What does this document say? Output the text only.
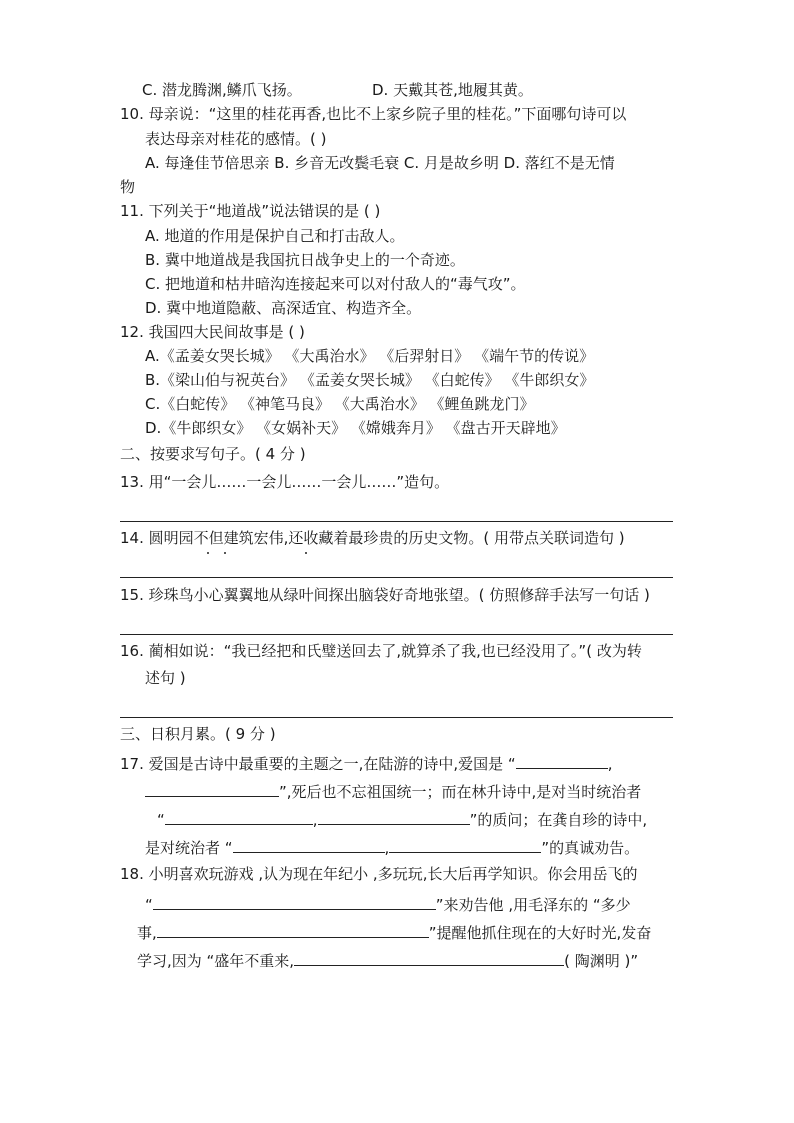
C. 潜龙腾渊,鳞爪飞扬。	D. 天戴其苍,地履其黄。
10. 母亲说：“这里的桂花再香,也比不上家乡院子里的桂花。”下面哪句诗可以
表达母亲对桂花的感情。( )
A. 每逢佳节倍思亲 B. 乡音无改鬓毛衰 C. 月是故乡明 D. 落红不是无情
物
11. 下列关于“地道战”说法错误的是 ( )
A. 地道的作用是保护自己和打击敌人。
B. 冀中地道战是我国抗日战争史上的一个奇迹。
C. 把地道和枯井暗沟连接起来可以对付敌人的“毒气攻”。
D. 冀中地道隐蔽、高深适宜、构造齐全。
12. 我国四大民间故事是 ( )
A.《孟姜女哭长城》 《大禹治水》 《后羿射日》 《端午节的传说》
B.《梁山伯与祝英台》 《孟姜女哭长城》 《白蛇传》 《牛郎织女》
C.《白蛇传》 《神笔马良》 《大禹治水》 《鲤鱼跳龙门》
D.《牛郎织女》 《女娲补天》 《嫦娥奔月》 《盘古开天辟地》
二、按要求写句子。( 4 分 )
13. 用“一会儿……一会儿……一会儿……”造句。
14. 圆明园不但建筑宏伟,还收藏着最珍贵的历史文物。( 用带点关联词造句 )
15. 珍珠鸟小心翼翼地从绿叶间探出脑袋好奇地张望。( 仿照修辞手法写一句话 )
16. 蔺相如说：“我已经把和氏璧送回去了,就算杀了我,也已经没用了。”( 改为转
述句 )
三、日积月累。( 9 分 )
17. 爱国是古诗中最重要的主题之一,在陆游的诗中,爱国是 “	,
”,死后也不忘祖国统一；而在林升诗中,是对当时统治者
“	,	”的质问；在龚自珍的诗中,
是对统治者 “	,	”的真诚劝告。
18. 小明喜欢玩游戏 ,认为现在年纪小 ,多玩玩,长大后再学知识。你会用岳飞的
“	”来劝告他 ,用毛泽东的 “多少
事,	”提醒他抓住现在的大好时光,发奋
学习,因为 “盛年不重来,	( 陶渊明 )”
